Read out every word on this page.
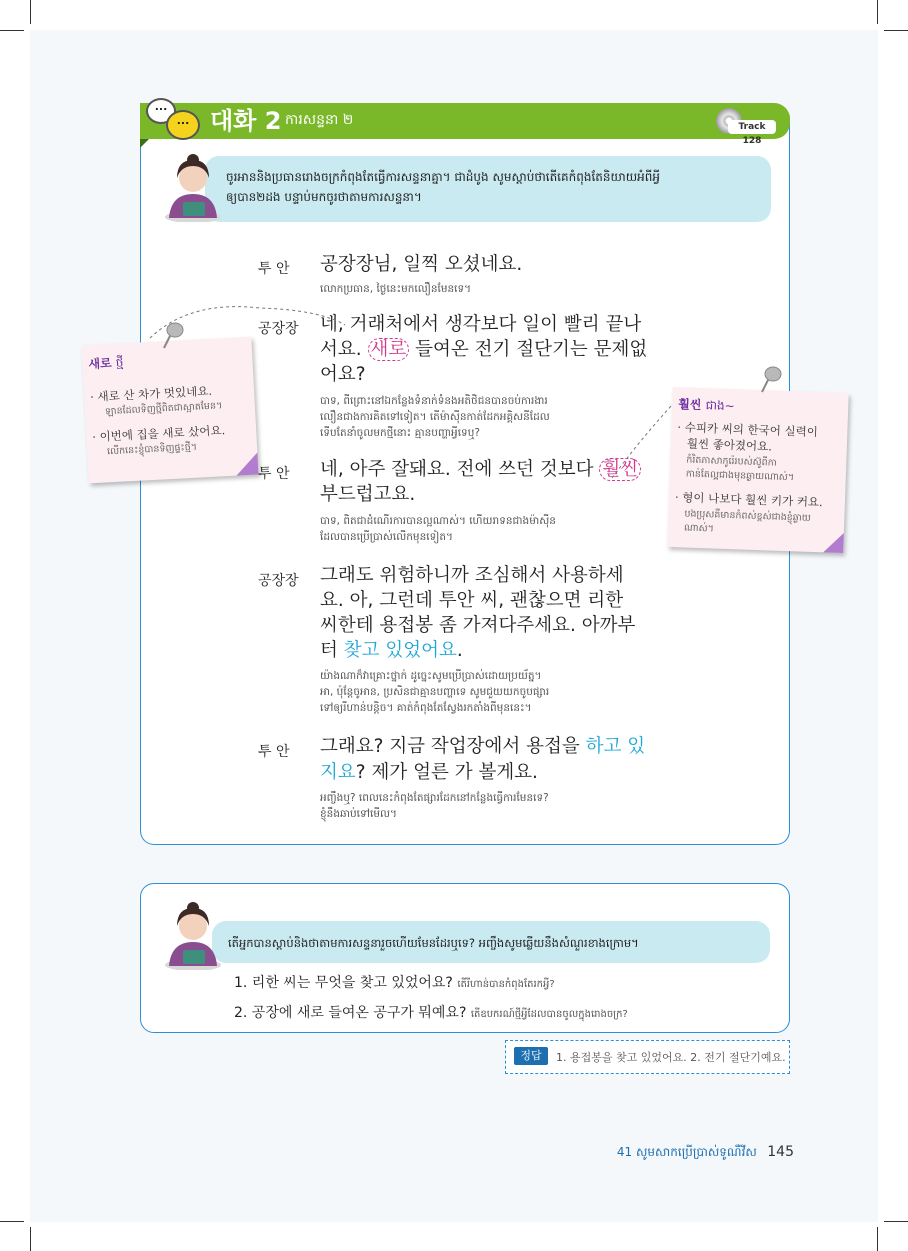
...
... 대화 2 ការសន្ទនា ២	Track 128
ចូរអាននិងប្រធានរោងចក្រកំពុងតែធ្វើការសន្ទនាគ្នា។ ជាដំបូង សូមស្ដាប់ថាតើគេកំពុងតែនិយាយអំពីអ្វី
ឲ្យបាន២ដង បន្ទាប់មកចូរថាតាមការសន្ទនា។
투 안 공장장님, 일찍 오셨네요.
លោកប្រធាន, ថ្ងៃនេះមកលឿនមែនទេ។
공장장 네, 거래처에서 생각보다 일이 빨리 끝나
서요. 새로 들여온 전기 절단기는 문제없
어요?
បាទ, ពីព្រោះនៅឯកន្លែងទំនាក់ទំនងអតិថិជនបានចប់ការងារ
លឿនជាងការគិតទៅទៀត។ តើម៉ាស៊ីនកាត់ដែកអគ្គិសនីដែល
ទើបតែនាំចូលមកថ្មីនោះ គ្មានបញ្ហាអ្វីទេឬ?
투 안 네, 아주 잘돼요. 전에 쓰던 것보다 훨씬
부드럽고요.
បាទ, ពិតជាដំណើរការបានល្អណាស់។ ហើយរាទនជាងម៉ាស៊ីន
ដែលបានប្រើប្រាស់លើកមុនទៀត។
공장장 그래도 위험하니까 조심해서 사용하세
요. 아, 그런데 투안 씨, 괜찮으면 리한
씨한테 용접봉 좀 가져다주세요. 아까부
터 찾고 있었어요.
យ៉ាងណាក៏វាគ្រោះថ្នាក់ ដូច្នេះសូមប្រើប្រាស់ដោយប្រយ័ត្ន។
អា, ប៉ុន្តែចូអាន, ប្រសិនជាគ្មានបញ្ហាទេ សូមជួយយកចូបផ្សារ
ទៅឲ្យរីហាន់បន្តិច។ គាត់កំពុងតែស្វែងរកតាំងពីមុននេះ។
투 안 그래요? 지금 작업장에서 용접을 하고 있
지요? 제가 얼른 가 볼게요.
អញ្ចឹងឬ? ពេលនេះកំពុងតែផ្សារដែកនៅកន្លែងធ្វើការមែនទេ?
ខ្ញុំនឹងឆាប់ទៅមើល។
새로 ថ្មី
· 새로 산 차가 멋있네요.
ឡានដែលទិញថ្មីពិតជាស្អាតមែន។
· 이번에 집을 새로 샀어요.
លើកនេះខ្ញុំបានទិញផ្ទះថ្មី។
훨씬 ជាង~
· 수피카 씨의 한국어 실력이
훨씬 좋아졌어요.
កំរិតភាសាកូរ៉េរបស់ស៊ូពីកា
កាន់តែល្អជាងមុនឆ្ងាយណាស់។
· 형이 나보다 훨씬 키가 커요.
បងប្រុសគឺមានកំពស់ខ្ពស់ជាងខ្ញុំឆ្ងាយ
ណាស់។
តើអ្នកបានស្ដាប់និងថាតាមការសន្ទនារួចហើយមែនដែរឬទេ? អញ្ចឹងសូមឆ្លើយនឹងសំណួរខាងក្រោម។
1. 리한 씨는 무엇을 찾고 있었어요? តើរីហាន់បានកំពុងតែរកអ្វី?
2. 공장에 새로 들여온 공구가 뭐예요? តើឧបករណ៍ថ្មីអ្វីដែលបានចូលក្នុងរោងចក្រ?
정답	1. 용접봉을 찾고 있었어요. 2. 전기 절단기예요.
41 សូមសាកប្រើប្រាស់ទូណឺវីស 145
